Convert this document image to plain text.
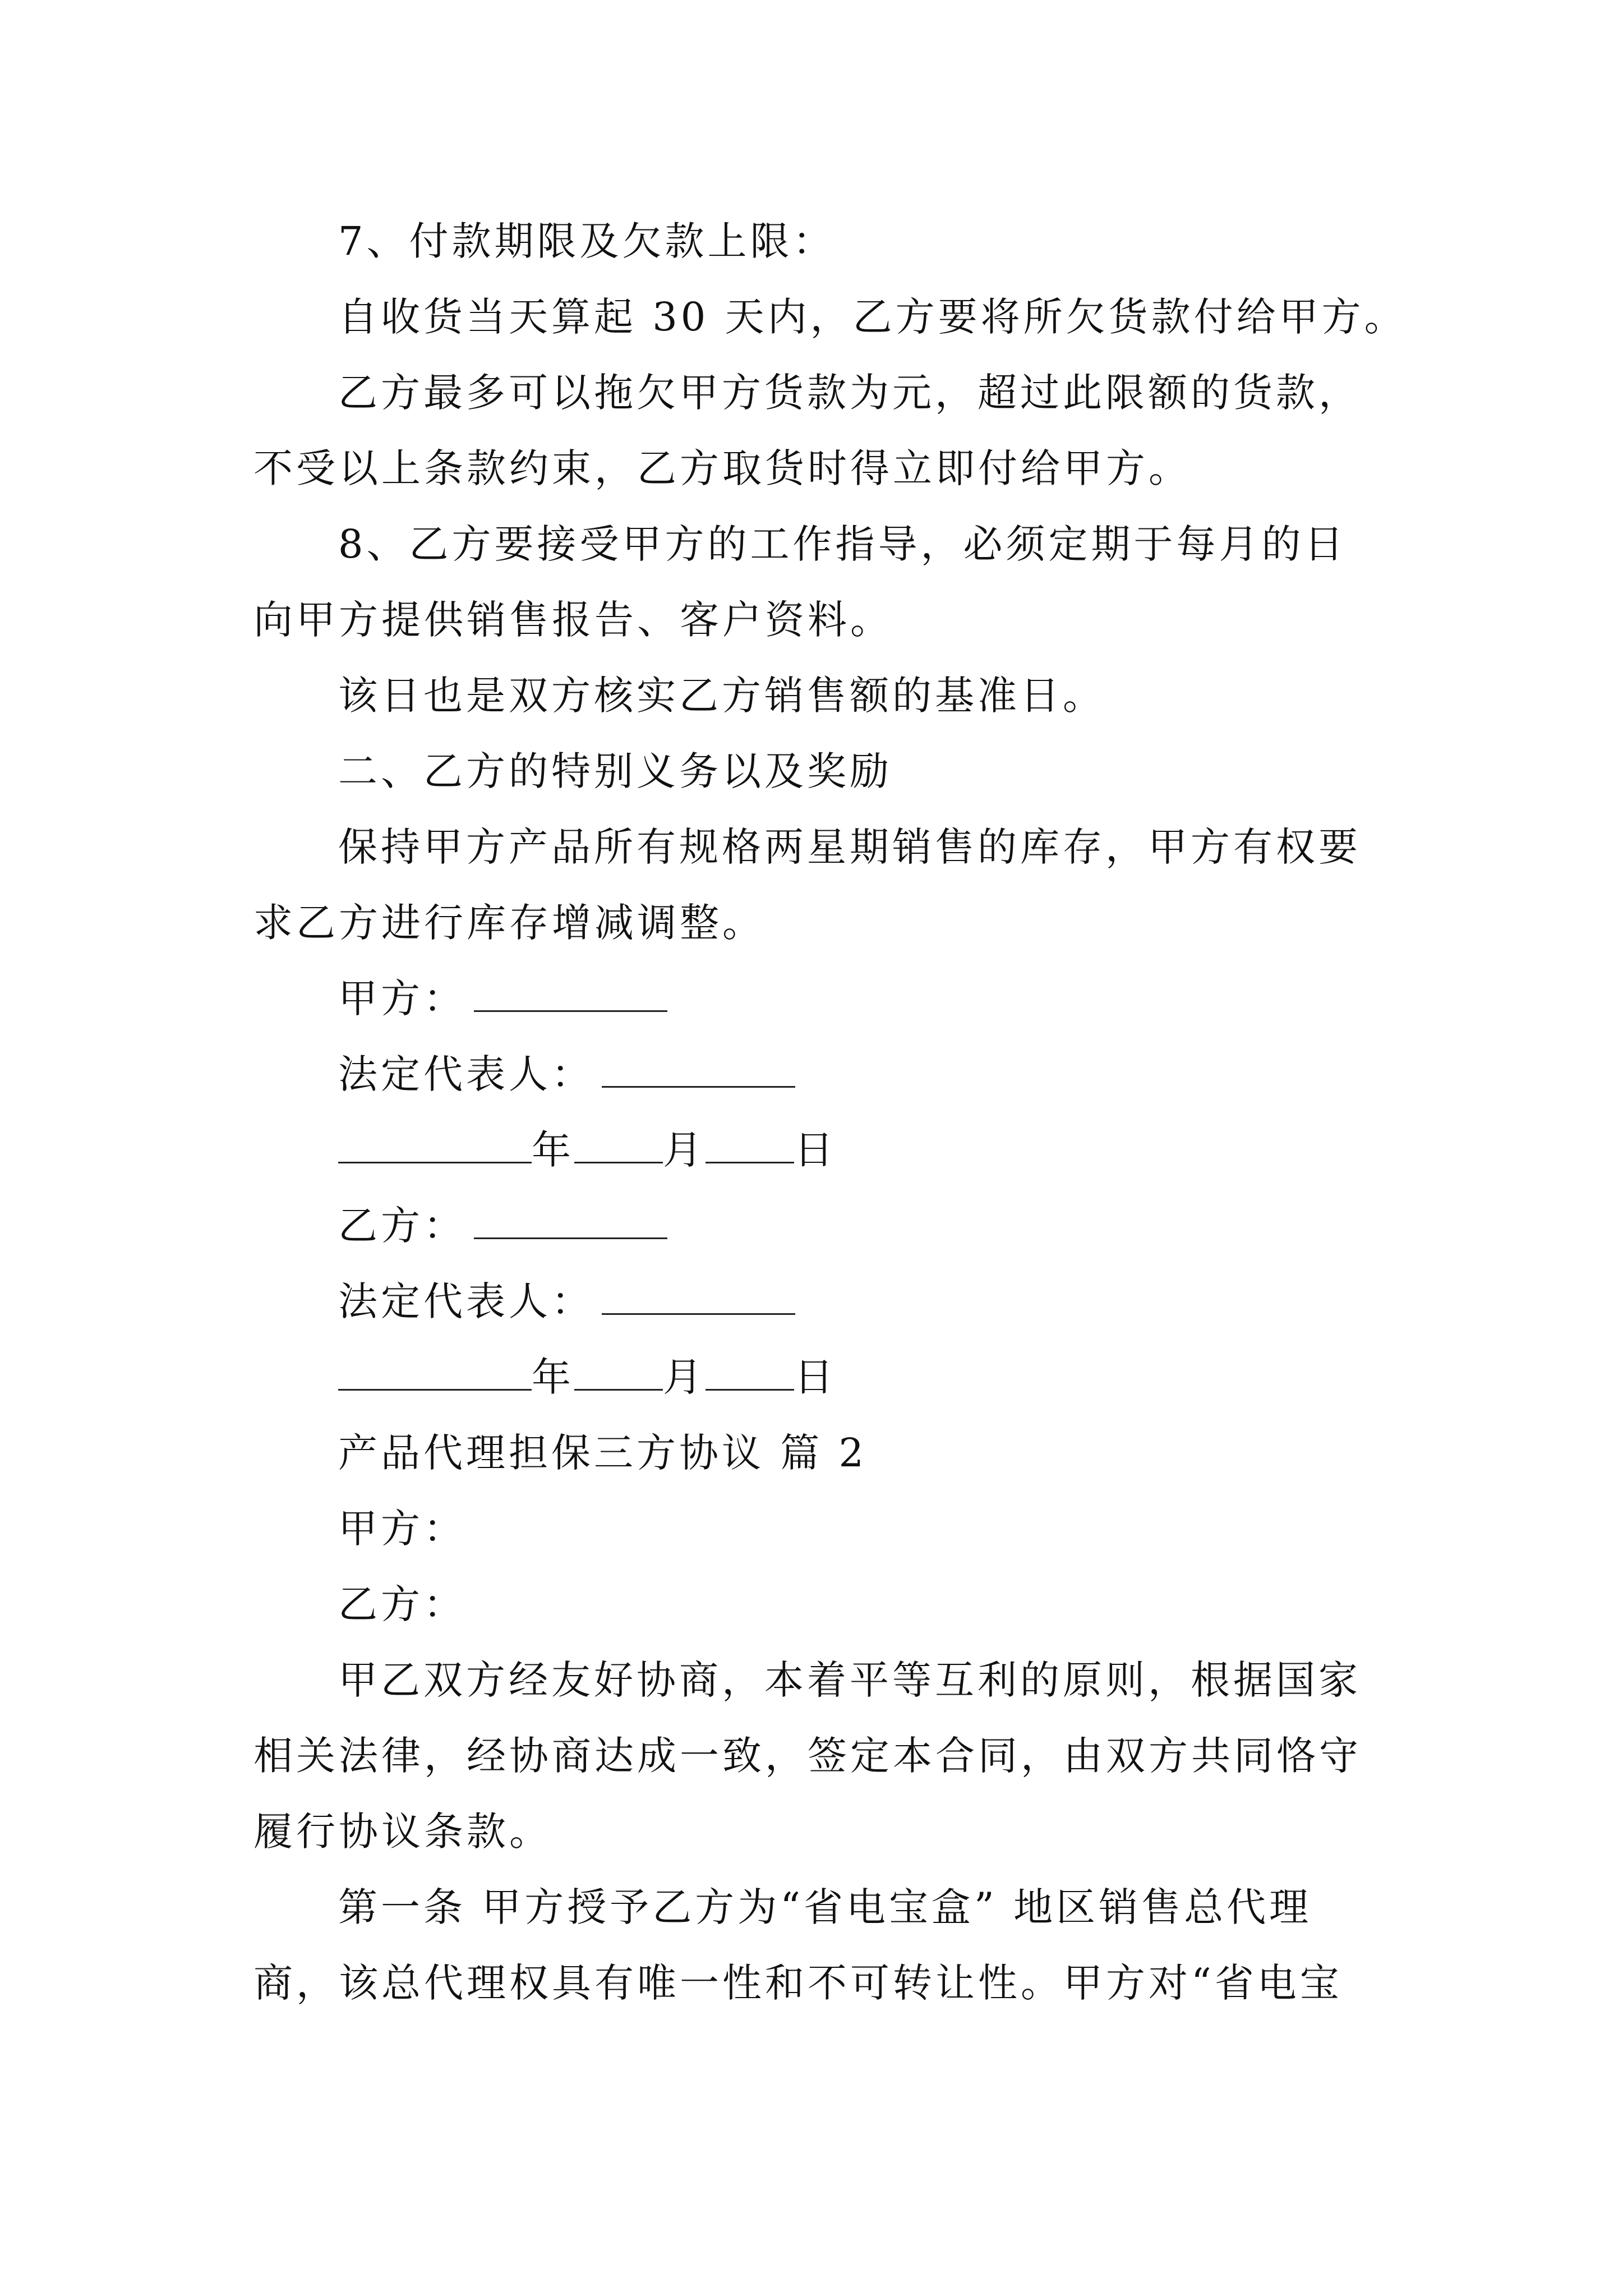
7、付款期限及欠款上限：
自收货当天算起 30 天内，乙方要将所欠货款付给甲方。
乙方最多可以拖欠甲方货款为元，超过此限额的货款，
不受以上条款约束，乙方取货时得立即付给甲方。
8、乙方要接受甲方的工作指导，必须定期于每月的日
向甲方提供销售报告、客户资料。
该日也是双方核实乙方销售额的基准日。
二、乙方的特别义务以及奖励
保持甲方产品所有规格两星期销售的库存，甲方有权要
求乙方进行库存增减调整。
甲方：
法定代表人：
年 月 日
乙方：
法定代表人：
年 月 日
产品代理担保三方协议 篇 2
甲方：
乙方：
甲乙双方经友好协商，本着平等互利的原则，根据国家
相关法律，经协商达成一致，签定本合同，由双方共同恪守
履行协议条款。
第一条 甲方授予乙方为“省电宝盒” 地区销售总代理
商，该总代理权具有唯一性和不可转让性。甲方对“省电宝
